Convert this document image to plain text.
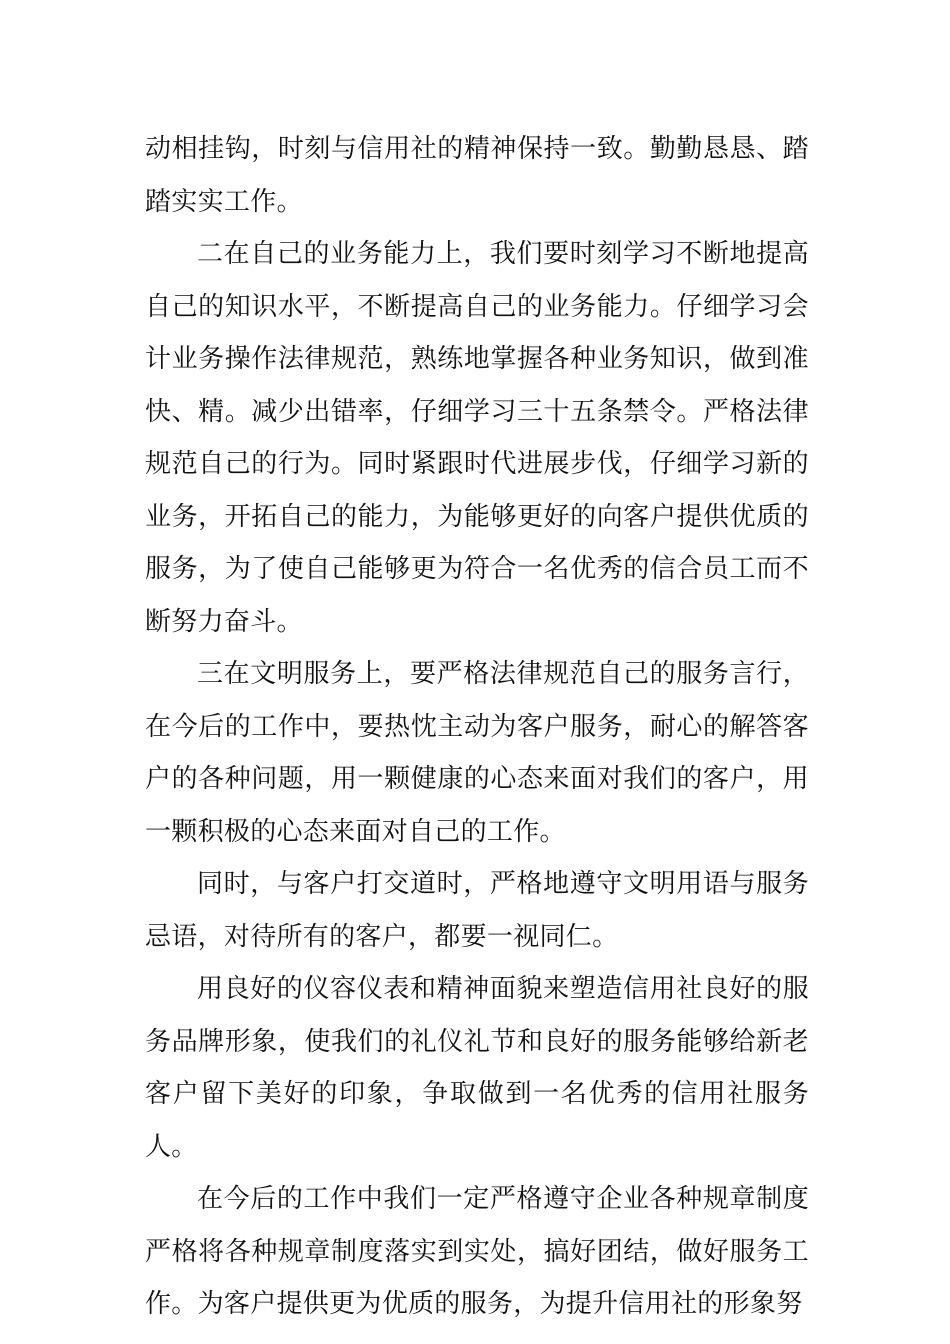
动相挂钩，时刻与信用社的精神保持一致。勤勤恳恳、踏踏实实工作。

二在自己的业务能力上，我们要时刻学习不断地提高自己的知识水平，不断提高自己的业务能力。仔细学习会计业务操作法律规范，熟练地掌握各种业务知识，做到准快、精。减少出错率，仔细学习三十五条禁令。严格法律规范自己的行为。同时紧跟时代进展步伐，仔细学习新的业务，开拓自己的能力，为能够更好的向客户提供优质的服务，为了使自己能够更为符合一名优秀的信合员工而不断努力奋斗。

三在文明服务上，要严格法律规范自己的服务言行，在今后的工作中，要热忱主动为客户服务，耐心的解答客户的各种问题，用一颗健康的心态来面对我们的客户，用一颗积极的心态来面对自己的工作。

同时，与客户打交道时，严格地遵守文明用语与服务忌语，对待所有的客户，都要一视同仁。

用良好的仪容仪表和精神面貌来塑造信用社良好的服务品牌形象，使我们的礼仪礼节和良好的服务能够给新老客户留下美好的印象，争取做到一名优秀的信用社服务人。

在今后的工作中我们一定严格遵守企业各种规章制度严格将各种规章制度落实到实处，搞好团结，做好服务工作。为客户提供更为优质的服务，为提升信用社的形象努
